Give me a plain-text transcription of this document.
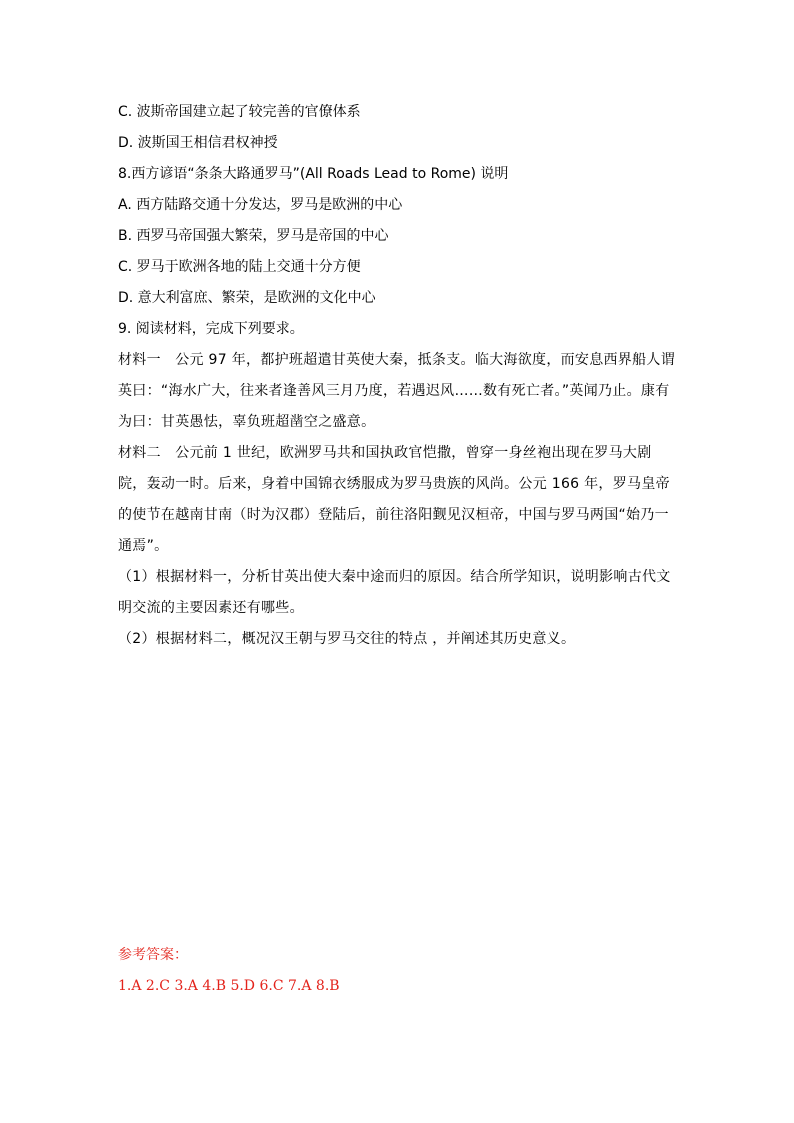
C. 波斯帝国建立起了较完善的官僚体系
D. 波斯国王相信君权神授
8.西方谚语“条条大路通罗马”(All Roads Lead to Rome) 说明
A. 西方陆路交通十分发达，罗马是欧洲的中心
B. 西罗马帝国强大繁荣，罗马是帝国的中心
C. 罗马于欧洲各地的陆上交通十分方便
D. 意大利富庶、繁荣，是欧洲的文化中心
9. 阅读材料，完成下列要求。
材料一　公元 97 年，都护班超遣甘英使大秦，抵条支。临大海欲度，而安息西界船人谓英曰：“海水广大，往来者逢善风三月乃度，若遇迟风……数有死亡者。”英闻乃止。康有为曰：甘英愚怯，辜负班超凿空之盛意。
材料二　公元前 1 世纪，欧洲罗马共和国执政官恺撒，曾穿一身丝袍出现在罗马大剧院，轰动一时。后来，身着中国锦衣绣服成为罗马贵族的风尚。公元 166 年，罗马皇帝的使节在越南甘南（时为汉郡）登陆后，前往洛阳觐见汉桓帝，中国与罗马两国“始乃一通焉”。
（1）根据材料一，分析甘英出使大秦中途而归的原因。结合所学知识，说明影响古代文明交流的主要因素还有哪些。
（2）根据材料二，概况汉王朝与罗马交往的特点 ，并阐述其历史意义。
参考答案：
1.A 2.C 3.A 4.B 5.D 6.C 7.A 8.B
